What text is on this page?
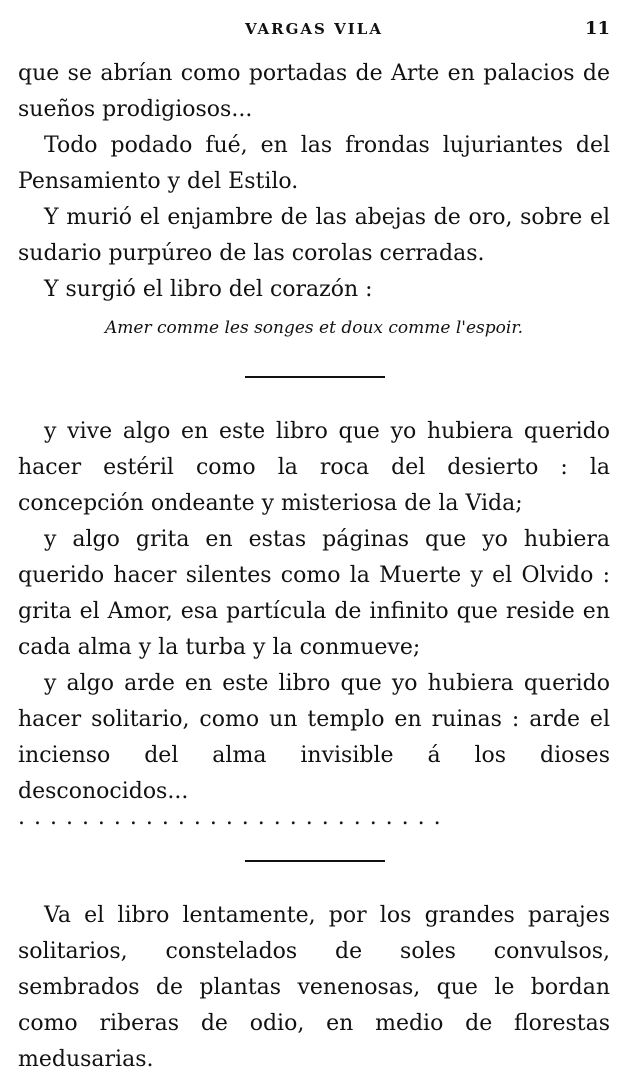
VARGAS VILA	11

que se abrían como portadas de Arte en palacios de sueños prodigiosos...

Todo podado fué, en las frondas lujuriantes del Pensamiento y del Estilo.

Y murió el enjambre de las abejas de oro, sobre el sudario purpúreo de las corolas cerradas.

Y surgió el libro del corazón :

Amer comme les songes et doux comme l'espoir.

y vive algo en este libro que yo hubiera querido hacer estéril como la roca del desierto : la concepción ondeante y misteriosa de la Vida;

y algo grita en estas páginas que yo hubiera querido hacer silentes como la Muerte y el Olvido : grita el Amor, esa partícula de infinito que reside en cada alma y la turba y la conmueve;

y algo arde en este libro que yo hubiera querido hacer solitario, como un templo en ruinas : arde el incienso del alma invisible á los dioses desconocidos...

. . . . . . . . . . . . . . . . . . . . . . . . . . .

Va el libro lentamente, por los grandes parajes solitarios, constelados de soles convulsos, sembrados de plantas venenosas, que le bordan como riberas de odio, en medio de florestas medusarias.
